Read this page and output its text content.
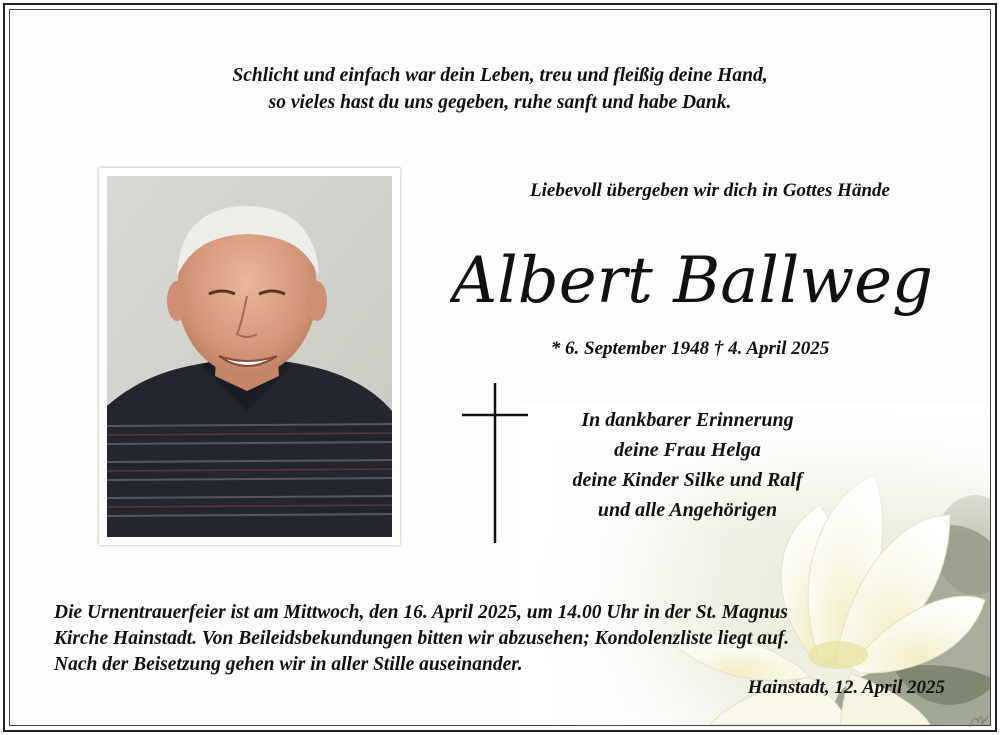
Schlicht und einfach war dein Leben, treu und fleißig deine Hand,
so vieles hast du uns gegeben, ruhe sanft und habe Dank.
Liebevoll übergeben wir dich in Gottes Hände
Albert Ballweg
* 6. September 1948 † 4. April 2025
In dankbarer Erinnerung
deine Frau Helga
deine Kinder Silke und Ralf
und alle Angehörigen
Die Urnentrauerfeier ist am Mittwoch, den 16. April 2025, um 14.00 Uhr in der St. Magnus
Kirche Hainstadt. Von Beileidsbekundungen bitten wir abzusehen; Kondolenzliste liegt auf.
Nach der Beisetzung gehen wir in aller Stille auseinander.
Hainstadt, 12. April 2025
